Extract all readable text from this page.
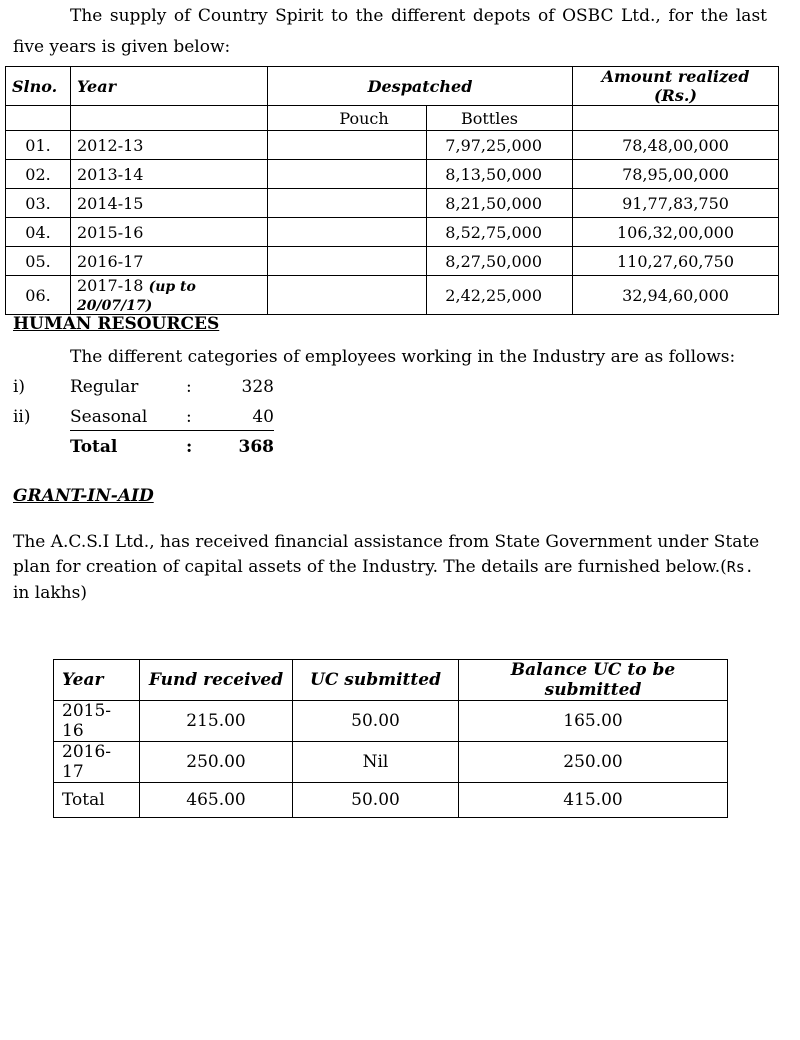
The supply of Country Spirit to the different depots of OSBC Ltd., for the last
five years is given below:
Slno.	Year	Despatched		Amount realized (Rs.)
		Pouch	Bottles	
01.	2012-13		7,97,25,000	78,48,00,000
02.	2013-14		8,13,50,000	78,95,00,000
03.	2014-15		8,21,50,000	91,77,83,750
04.	2015-16		8,52,75,000	106,32,00,000
05.	2016-17		8,27,50,000	110,27,60,750
06.	2017-18 (up to 20/07/17)		2,42,25,000	32,94,60,000
HUMAN RESOURCES
The different categories of employees working in the Industry are as follows:
i)	Regular	:	328
ii) Seasonal :	40
Total	:	368
GRANT-IN-AID
The A.C.S.I Ltd., has received financial assistance from State Government under State
plan for creation of capital assets of the Industry. The details are furnished below.(Rs.
in lakhs)
Year	Fund received	UC submitted	Balance UC to be submitted
2015-16	215.00	50.00	165.00
2016-17	250.00	Nil	250.00
Total	465.00	50.00	415.00
